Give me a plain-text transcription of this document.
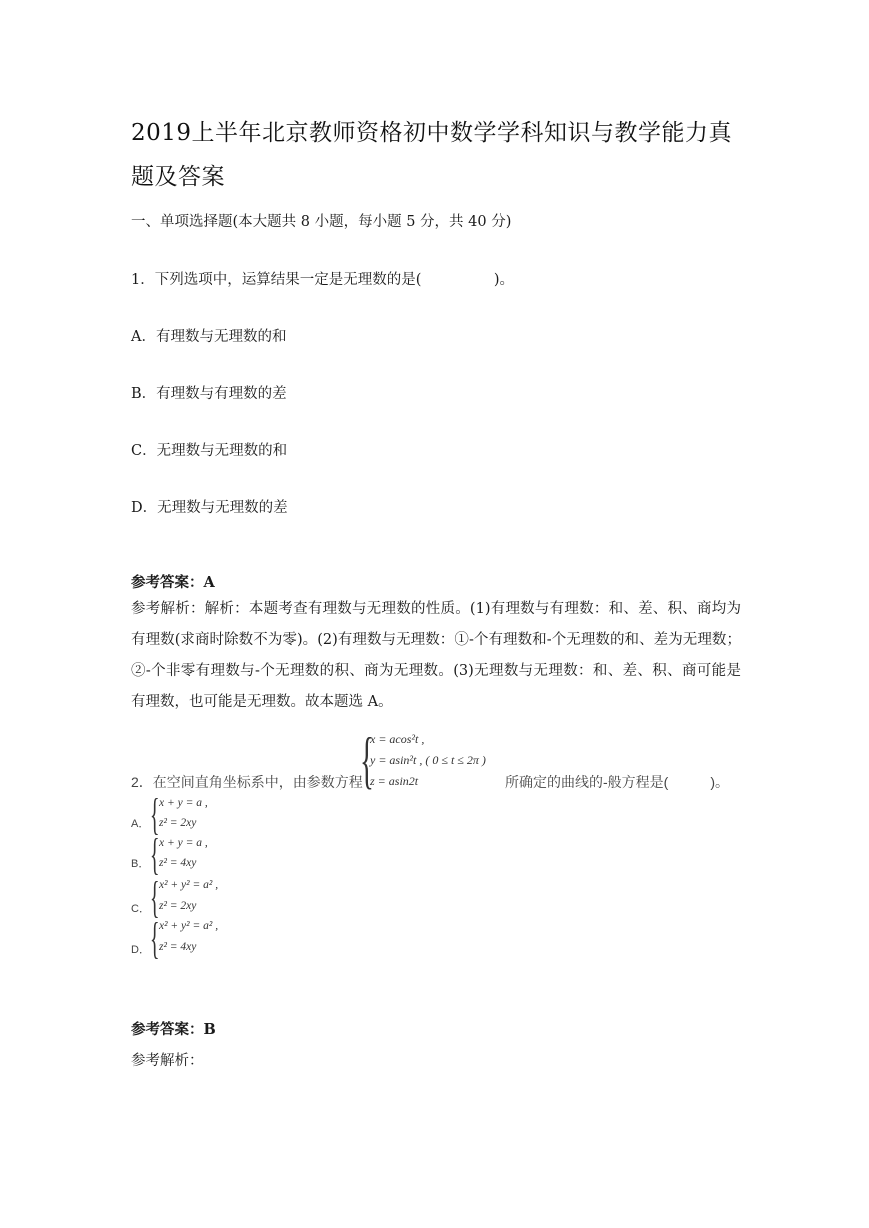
2019上半年北京教师资格初中数学学科知识与教学能力真
题及答案
一、单项选择题(本大题共 8 小题，每小题 5 分，共 40 分)
1．下列选项中，运算结果一定是无理数的是(　　　　　)。
A．有理数与无理数的和
B．有理数与有理数的差
C．无理数与无理数的和
D．无理数与无理数的差
参考答案：A
参考解析：解析：本题考查有理数与无理数的性质。(1)有理数与有理数：和、差、积、商均为有理数(求商时除数不为零)。(2)有理数与无理数：①-个有理数和-个无理数的和、差为无理数；②-个非零有理数与-个无理数的积、商为无理数。(3)无理数与无理数：和、差、积、商可能是有理数，也可能是无理数。故本题选 A。
2．在空间直角坐标系中，由参数方程
{
x = acos²t ,
y = asin²t , ( 0 ≤ t ≤ 2π )
z = asin2t	所确定的曲线的-般方程是(　　　)。
A． { x + y = a ,
z² = 2xy
B． { x + y = a ,
z² = 4xy
C． { x² + y² = a² ,
z² = 2xy
D． { x² + y² = a² ,
z² = 4xy
参考答案：B
参考解析：
